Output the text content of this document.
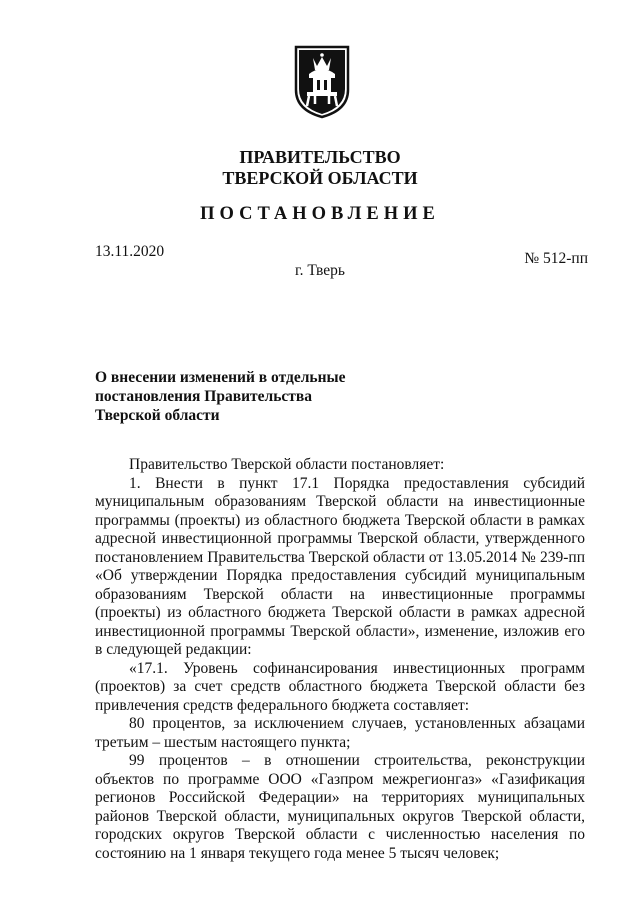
ПРАВИТЕЛЬСТВО
ТВЕРСКОЙ ОБЛАСТИ
ПОСТАНОВЛЕНИЕ
13.11.2020	№ 512-пп
г. Тверь
О внесении изменений в отдельные
постановления Правительства
Тверской области

Правительство Тверской области постановляет:

1. Внести в пункт 17.1 Порядка предоставления субсидий муниципальным образованиям Тверской области на инвестиционные программы (проекты) из областного бюджета Тверской области в рамках адресной инвестиционной программы Тверской области, утвержденного постановлением Правительства Тверской области от 13.05.2014 № 239-пп «Об утверждении Порядка предоставления субсидий муниципальным образованиям Тверской области на инвестиционные программы (проекты) из областного бюджета Тверской области в рамках адресной инвестиционной программы Тверской области», изменение, изложив его в следующей редакции:

«17.1. Уровень софинансирования инвестиционных программ (проектов) за счет средств областного бюджета Тверской области без привлечения средств федерального бюджета составляет:

80 процентов, за исключением случаев, установленных абзацами третьим – шестым настоящего пункта;

99 процентов – в отношении строительства, реконструкции объектов по программе ООО «Газпром межрегионгаз» «Газификация регионов Российской Федерации» на территориях муниципальных районов Тверской области, муниципальных округов Тверской области, городских округов Тверской области с численностью населения по состоянию на 1 января текущего года менее 5 тысяч человек;
